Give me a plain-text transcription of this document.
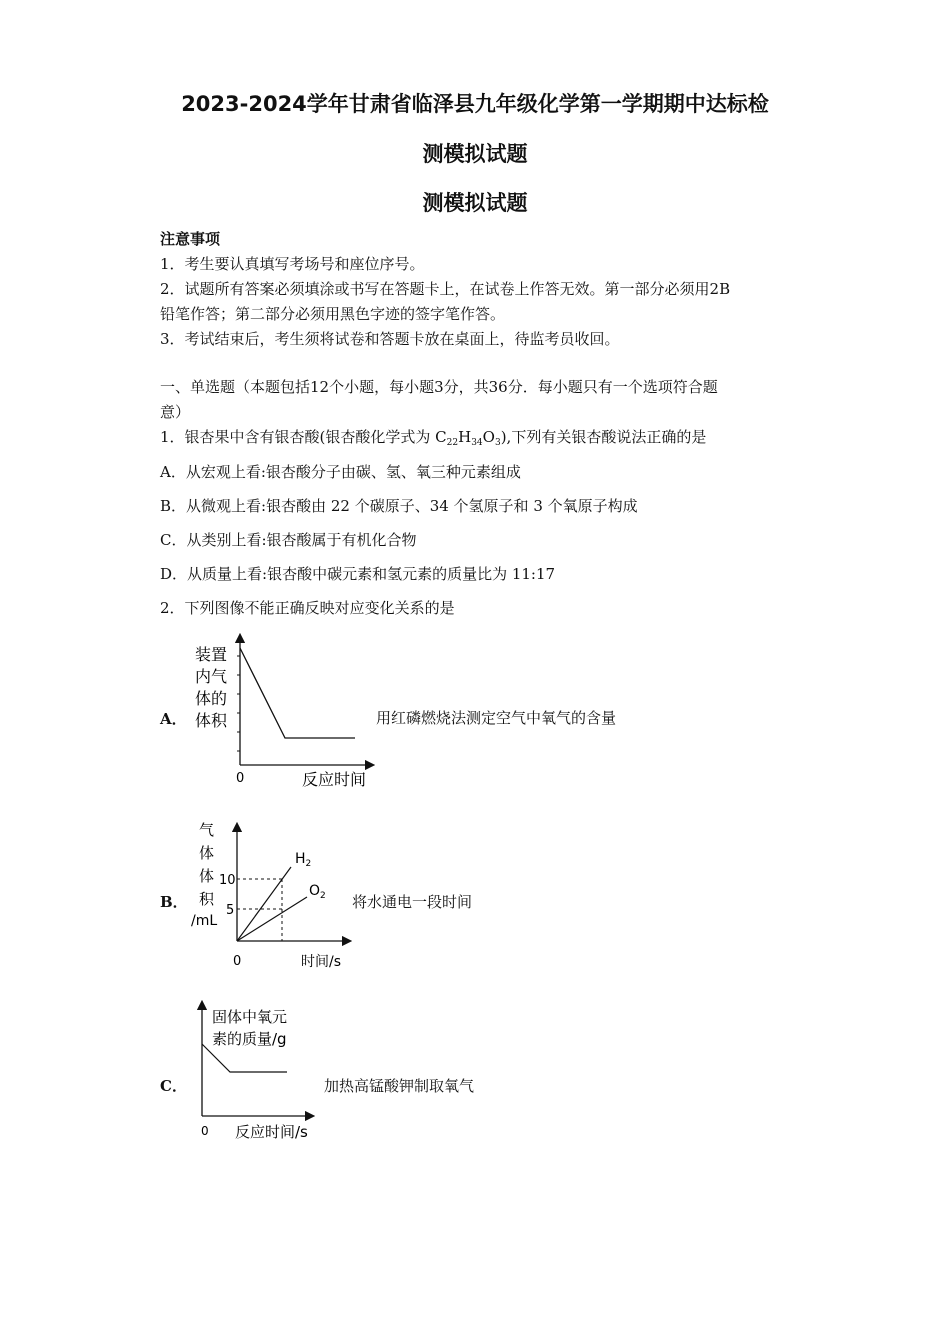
2023-2024学年甘肃省临泽县九年级化学第一学期期中达标检
测模拟试题
测模拟试题
注意事项
1．考生要认真填写考场号和座位序号。
2．试题所有答案必须填涂或书写在答题卡上，在试卷上作答无效。第一部分必须用2B
铅笔作答；第二部分必须用黑色字迹的签字笔作答。
3．考试结束后，考生须将试卷和答题卡放在桌面上，待监考员收回。
一、单选题（本题包括12个小题，每小题3分，共36分．每小题只有一个选项符合题
意）
1．银杏果中含有银杏酸(银杏酸化学式为 $C_{22}H_{34}O_3$),下列有关银杏酸说法正确的是
A．从宏观上看:银杏酸分子由碳、氢、氧三种元素组成
B．从微观上看:银杏酸由 22 个碳原子、34 个氢原子和 3 个氧原子构成
C．从类别上看:银杏酸属于有机化合物
D．从质量上看:银杏酸中碳元素和氢元素的质量比为 11:17
2．下列图像不能正确反映对应变化关系的是
A．
装置
内气
体的
体积
0	反应时间
用红磷燃烧法测定空气中氧气的含量
B．
气
体
体
积
/mL
10
5
$H_2$
$O_2$
0	时间/s
将水通电一段时间
C．
固体中氧元
素的质量/g
0 反应时间/s
加热高锰酸钾制取氧气
